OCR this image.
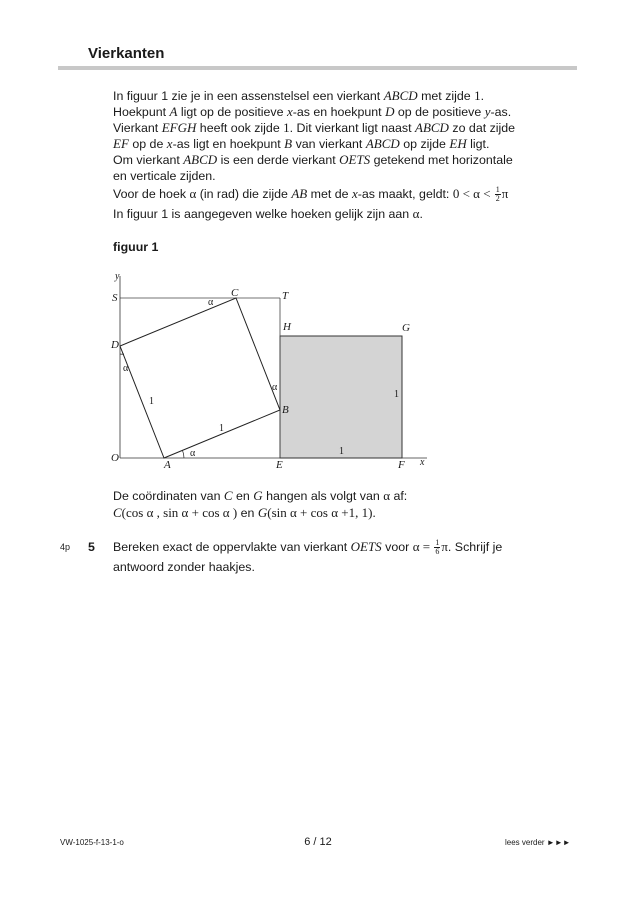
Vierkanten

In figuur 1 zie je in een assenstelsel een vierkant ABCD met zijde 1.

Hoekpunt A ligt op de positieve x-as en hoekpunt D op de positieve y-as.

Vierkant EFGH heeft ook zijde 1. Dit vierkant ligt naast ABCD zo dat zijde

EF op de x-as ligt en hoekpunt B van vierkant ABCD op zijde EH ligt.

Om vierkant ABCD is een derde vierkant OETS getekend met horizontale

en verticale zijden.

Voor de hoek α (in rad) die zijde AB met de x-as maakt, geldt: $0 < \alpha < \frac{1}{2}$ π

In figuur 1 is aangegeven welke hoeken gelijk zijn aan α.

figuur 1
y
x
S	C	T
H	G
D
B
O
A	E	F
α
α
α
α
1
1
1
1

De coördinaten van C en G hangen als volgt van α af:

C(cos α , sin α + cos α ) en G(sin α + cos α +1, 1).

4p 5 Bereken exact de oppervlakte van vierkant OETS voor $\alpha = \frac{1}{6} \pi$. Schrijf je

antwoord zonder haakjes.

VW-1025-f-13-1-o	6 / 12	lees verder ►►►
